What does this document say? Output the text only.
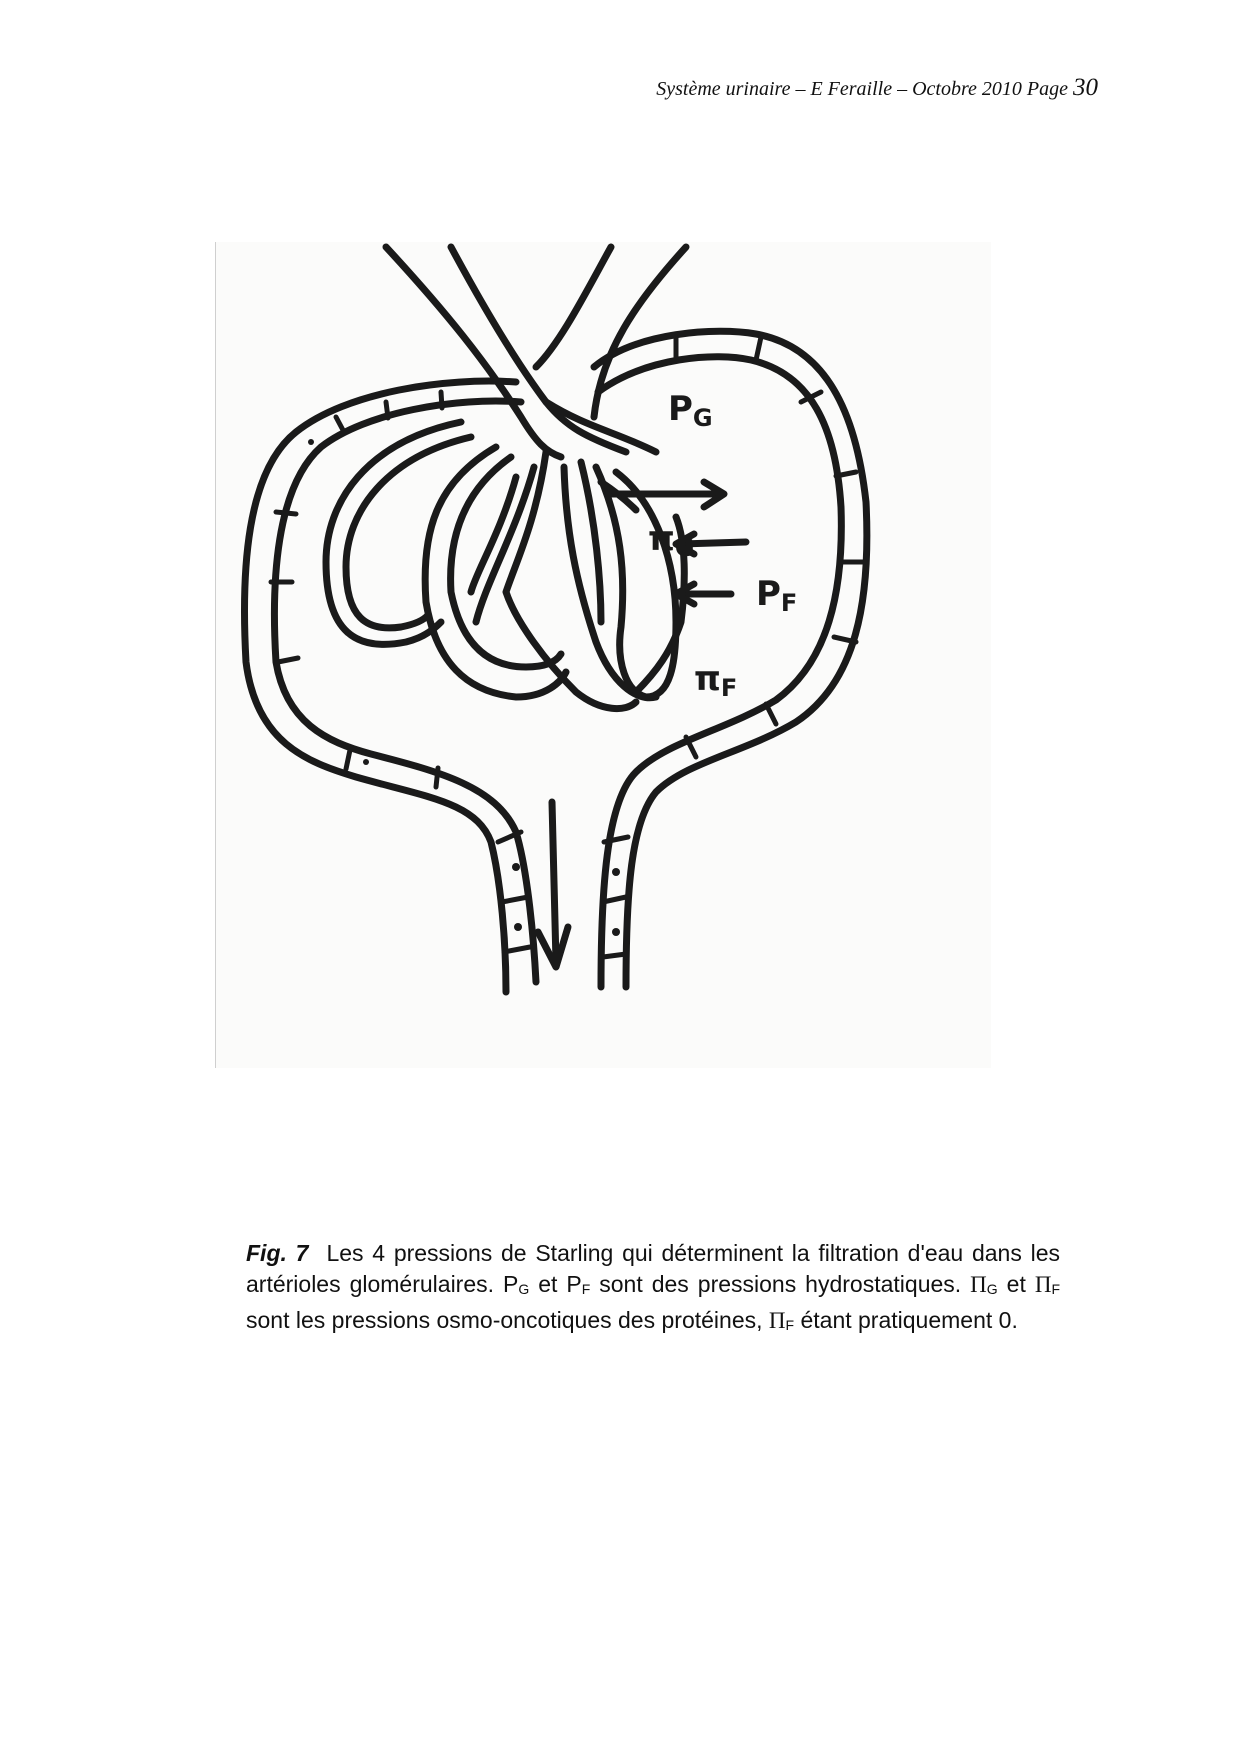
Système urinaire – E Feraille – Octobre 2010 Page 30
$P_G$
$\pi_G$
$P_F$
$\pi_F$
Fig. 7 Les 4 pressions de Starling qui déterminent la filtration d'eau dans les artérioles glomérulaires. $P_G$ et $P_F$ sont des pressions hydrostatiques. $\Pi_G$ et $\Pi_F$ sont les pressions osmo-oncotiques des protéines, $\Pi_F$ étant pratiquement 0.
